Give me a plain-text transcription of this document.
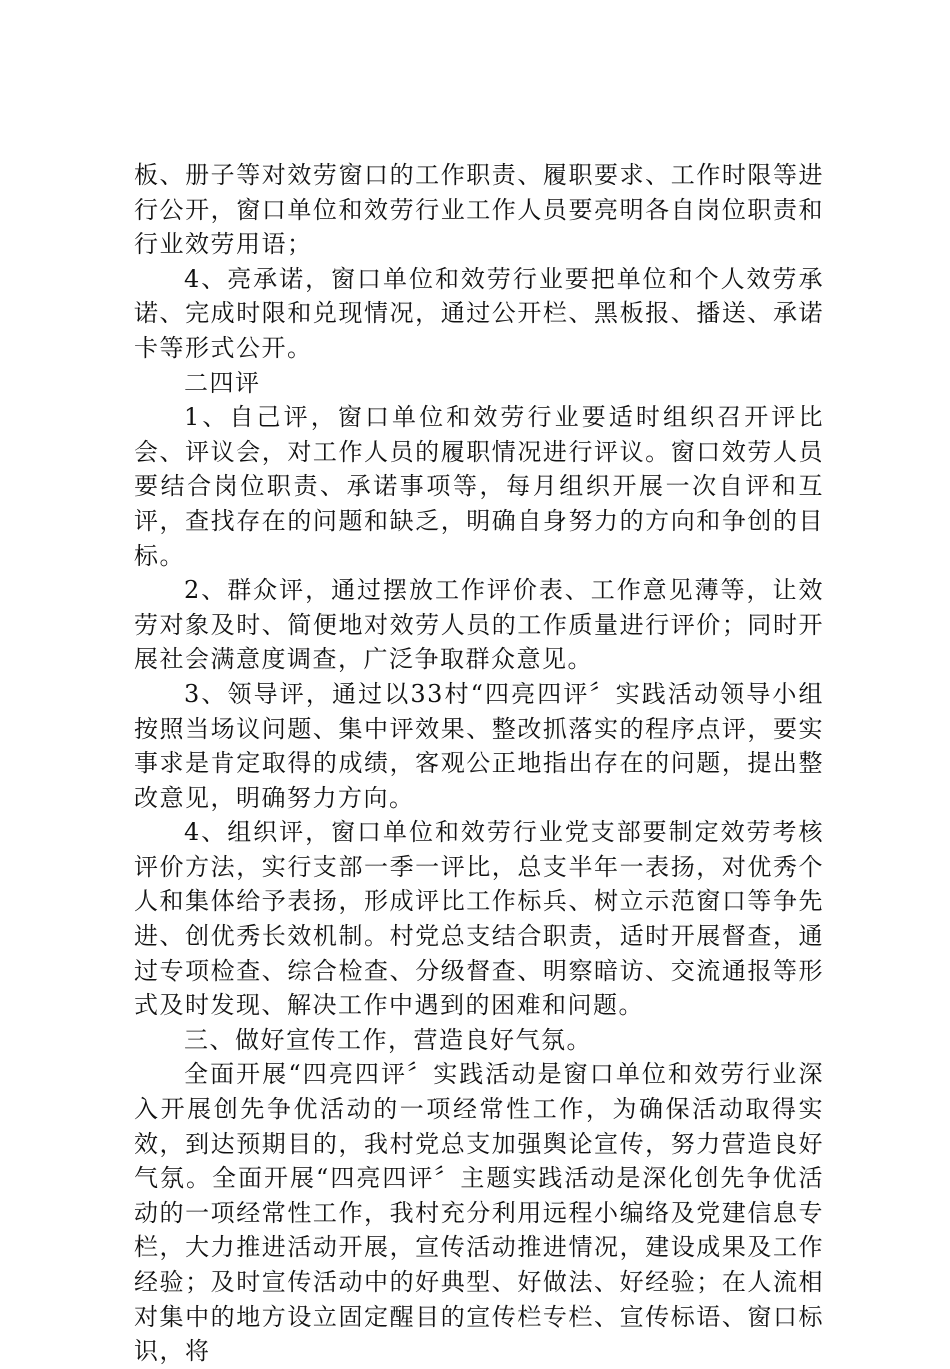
板、册子等对效劳窗口的工作职责、履职要求、工作时限等进行公开，窗口单位和效劳行业工作人员要亮明各自岗位职责和行业效劳用语；

4、亮承诺，窗口单位和效劳行业要把单位和个人效劳承诺、完成时限和兑现情况，通过公开栏、黑板报、播送、承诺卡等形式公开。

二四评

1、自己评，窗口单位和效劳行业要适时组织召开评比会、评议会，对工作人员的履职情况进行评议。窗口效劳人员要结合岗位职责、承诺事项等，每月组织开展一次自评和互评，查找存在的问题和缺乏，明确自身努力的方向和争创的目标。

2、群众评，通过摆放工作评价表、工作意见薄等，让效劳对象及时、简便地对效劳人员的工作质量进行评价；同时开展社会满意度调查，广泛争取群众意见。

3、领导评，通过以33村“四亮四评〞实践活动领导小组按照当场议问题、集中评效果、整改抓落实的程序点评，要实事求是肯定取得的成绩，客观公正地指出存在的问题，提出整改意见，明确努力方向。

4、组织评，窗口单位和效劳行业党支部要制定效劳考核评价方法，实行支部一季一评比，总支半年一表扬，对优秀个人和集体给予表扬，形成评比工作标兵、树立示范窗口等争先进、创优秀长效机制。村党总支结合职责，适时开展督查，通过专项检查、综合检查、分级督查、明察暗访、交流通报等形式及时发现、解决工作中遇到的困难和问题。

三、做好宣传工作，营造良好气氛。

全面开展“四亮四评〞实践活动是窗口单位和效劳行业深入开展创先争优活动的一项经常性工作，为确保活动取得实效，到达预期目的，我村党总支加强舆论宣传，努力营造良好气氛。全面开展“四亮四评〞主题实践活动是深化创先争优活动的一项经常性工作，我村充分利用远程小编络及党建信息专栏，大力推进活动开展，宣传活动推进情况，建设成果及工作经验；及时宣传活动中的好典型、好做法、好经验；在人流相对集中的地方设立固定醒目的宣传栏专栏、宣传标语、窗口标识，将
